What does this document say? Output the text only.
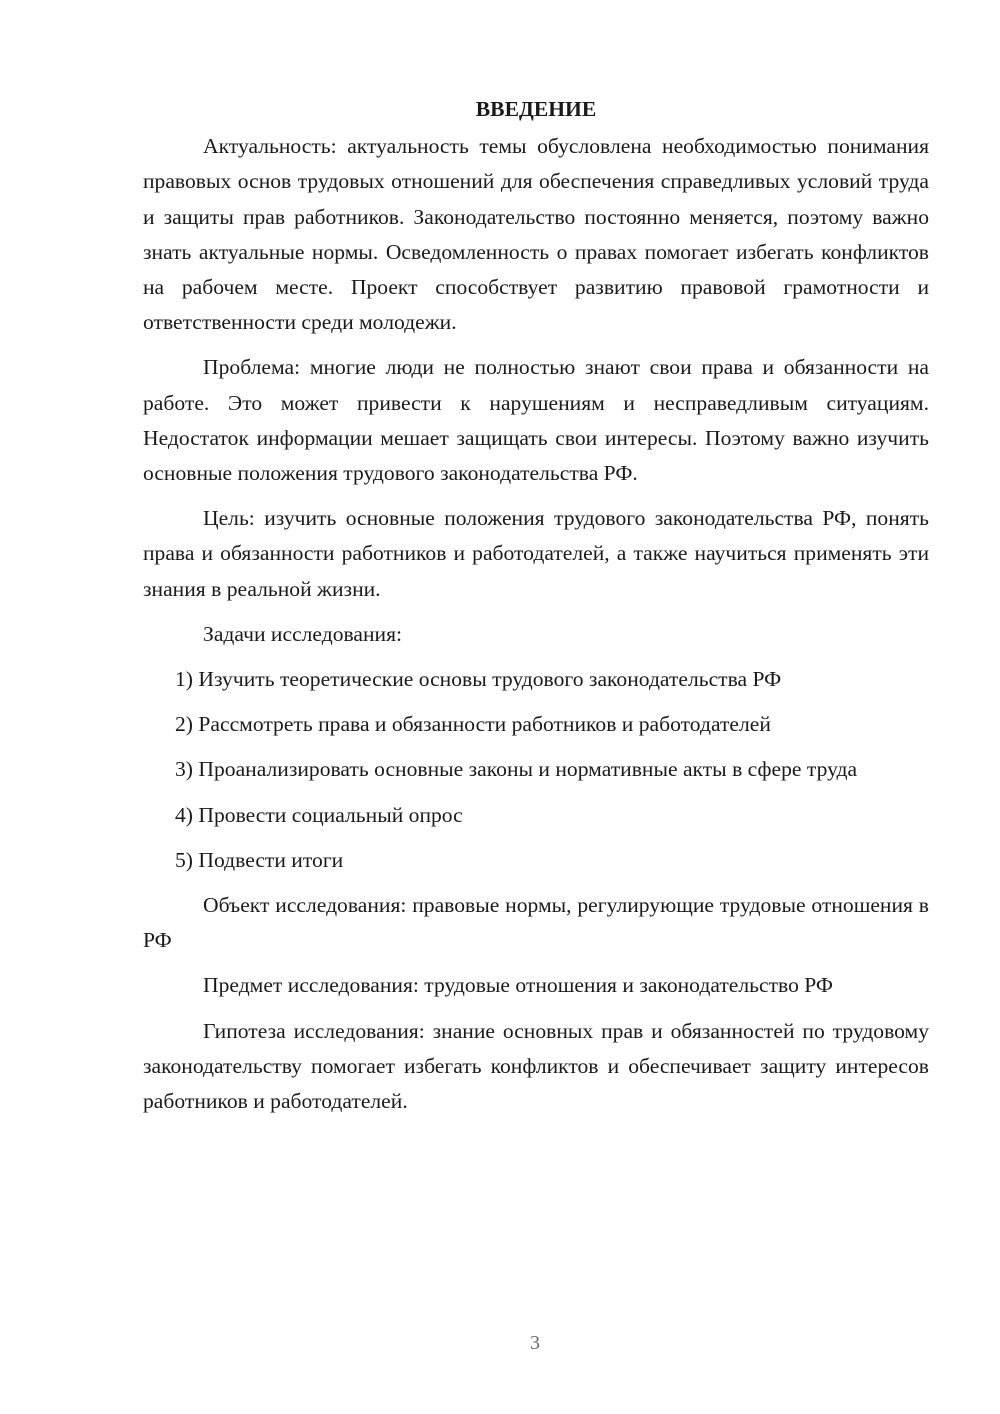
ВВЕДЕНИЕ

Актуальность: актуальность темы обусловлена необходимостью понимания правовых основ трудовых отношений для обеспечения справедливых условий труда и защиты прав работников. Законодательство постоянно меняется, поэтому важно знать актуальные нормы. Осведомленность о правах помогает избегать конфликтов на рабочем месте. Проект способствует развитию правовой грамотности и ответственности среди молодежи.

Проблема: многие люди не полностью знают свои права и обязанности на работе. Это может привести к нарушениям и несправедливым ситуациям. Недостаток информации мешает защищать свои интересы. Поэтому важно изучить основные положения трудового законодательства РФ.

Цель: изучить основные положения трудового законодательства РФ, понять права и обязанности работников и работодателей, а также научиться применять эти знания в реальной жизни.

Задачи исследования:

1) Изучить теоретические основы трудового законодательства РФ

2) Рассмотреть права и обязанности работников и работодателей

3) Проанализировать основные законы и нормативные акты в сфере труда

4) Провести социальный опрос

5) Подвести итоги

Объект исследования: правовые нормы, регулирующие трудовые отношения в РФ

Предмет исследования: трудовые отношения и законодательство РФ

Гипотеза исследования: знание основных прав и обязанностей по трудовому законодательству помогает избегать конфликтов и обеспечивает защиту интересов работников и работодателей.

3
